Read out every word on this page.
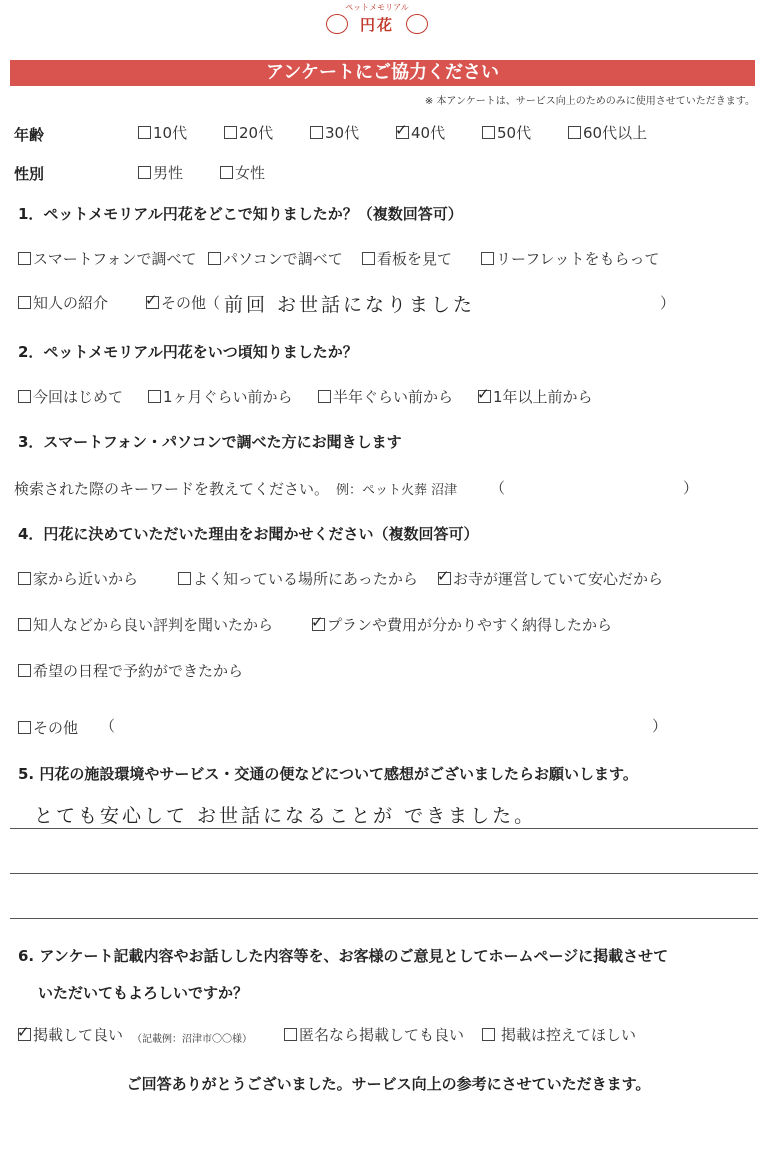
ペットメモリアル
円花
アンケートにご協力ください
※ 本アンケートは、サービス向上のためのみに使用させていただきます。
年齢	10代	20代	30代 ✓ 40代	50代	60代以上
性別	男性	女性
1．ペットメモリアル円花をどこで知りましたか？（複数回答可）
スマートフォンで調べて	パソコンで調べて	看板を見て	リーフレットをもらって
知人の紹介 ✓ その他
（ 前回 お世話になりました	）
2．ペットメモリアル円花をいつ頃知りましたか？
今回はじめて	1ヶ月ぐらい前から	半年ぐらい前から ✓ 1年以上前から
3．スマートフォン・パソコンで調べた方にお聞きします
検索された際のキーワードを教えてください。 例：ペット火葬 沼津 （	）
4．円花に決めていただいた理由をお聞かせください（複数回答可）
家から近いから	よく知っている場所にあったから ✓ お寺が運営していて安心だから
知人などから良い評判を聞いたから	✓ プランや費用が分かりやすく納得したから
希望の日程で予約ができたから
その他 （	）
5. 円花の施設環境やサービス・交通の便などについて感想がございましたらお願いします。
とても安心して お世話になることが できました。
6. アンケート記載内容やお話しした内容等を、お客様のご意見としてホームページに掲載させて
いただいてもよろしいですか？
✓ 掲載して良い （記載例：沼津市〇〇様）	匿名なら掲載しても良い	掲載は控えてほしい
ご回答ありがとうございました。サービス向上の参考にさせていただきます。
